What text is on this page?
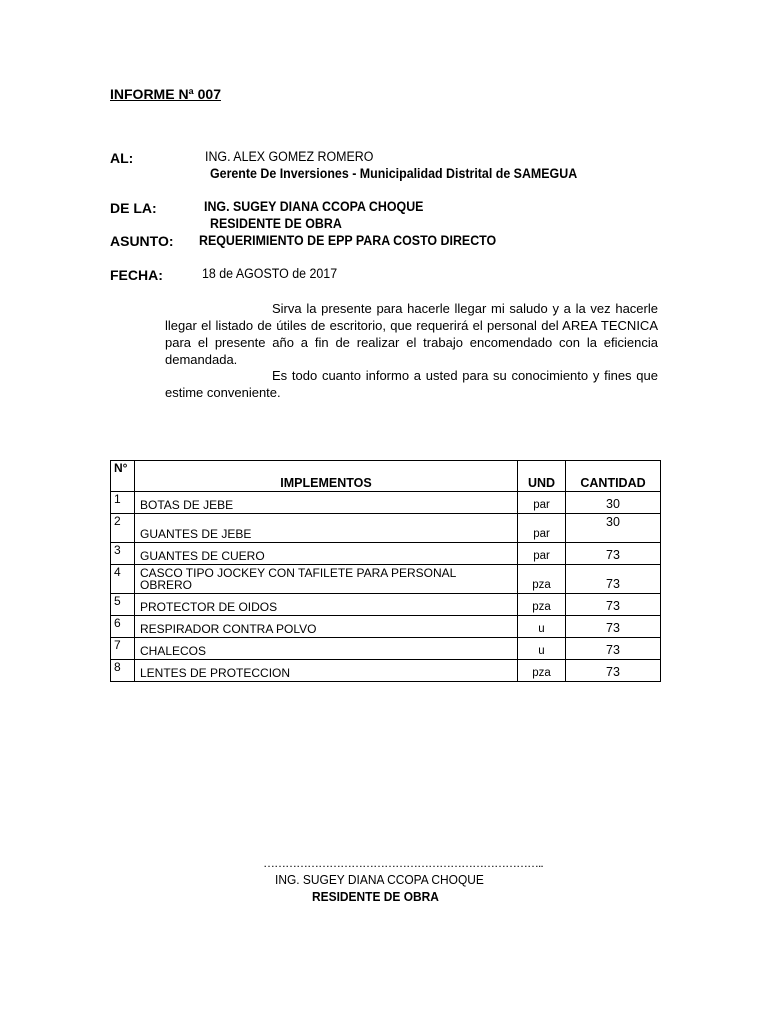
INFORME Nª 007
AL:	ING. ALEX GOMEZ ROMERO
Gerente De Inversiones - Municipalidad Distrital de SAMEGUA
DE LA:	ING. SUGEY DIANA CCOPA CHOQUE
RESIDENTE DE OBRA
ASUNTO: REQUERIMIENTO DE EPP PARA COSTO DIRECTO
FECHA:	18 de AGOSTO de 2017
Sirva la presente para hacerle llegar mi saludo y a la vez hacerle llegar el listado de útiles de escritorio, que requerirá el personal del AREA TECNICA para el presente año a fin de realizar el trabajo encomendado con la eficiencia demandada.
Es todo cuanto informo a usted para su conocimiento y fines que estime conveniente.
N°	IMPLEMENTOS	UND	CANTIDAD

1	BOTAS DE JEBE	par	30

2	GUANTES DE JEBE	par	30

3	GUANTES DE CUERO	par	73

4	CASCO TIPO JOCKEY CON TAFILETE PARA PERSONAL OBRERO	pza	73

5	PROTECTOR DE OIDOS	pza	73

6	RESPIRADOR CONTRA POLVO	u	73

7	CHALECOS	u	73

8	LENTES DE PROTECCION	pza	73
…………………………………………………………………..
ING. SUGEY DIANA CCOPA CHOQUE
RESIDENTE DE OBRA
